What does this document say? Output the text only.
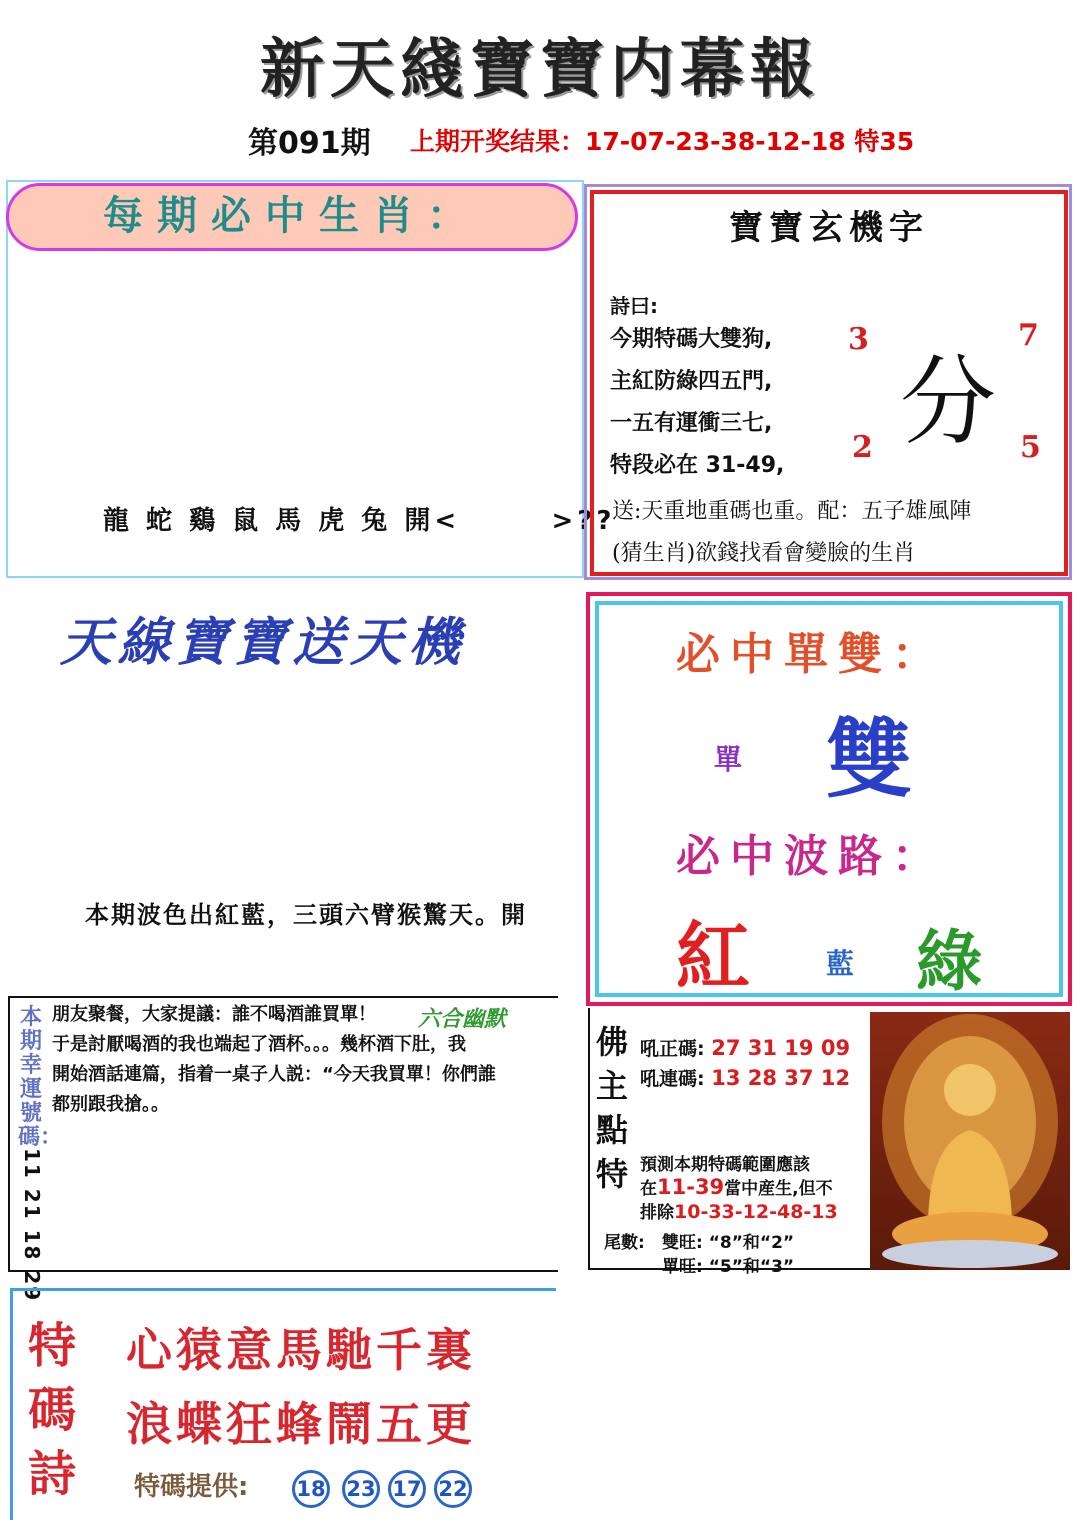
新天綫寶寶内幕報
第091期 上期开奖结果：17-07-23-38-12-18 特35
每期必中生肖：
龍 蛇 鷄 鼠 馬 虎 兔 開<       >??
寶寶玄機字
詩曰:
今期特碼大雙狗,
主紅防綠四五門,
一五有運衝三七,
特段必在 31-49,
3	7
2	5
分
送:天重地重碼也重。配：五子雄風陣
(猜生肖)欲錢找看會變臉的生肖
天線寶寶送天機
本期波色出紅藍，三頭六臂猴驚天。開
必中單雙：
單 雙
必中波路：
紅	藍 綠
本期幸運號碼：
11 21 18 29
朋友聚餐，大家提議：誰不喝酒誰買單！
于是討厭喝酒的我也端起了酒杯。。。幾杯酒下肚，我
開始酒話連篇，指着一桌子人説：“今天我買單！你們誰
都别跟我搶。。
六合幽默
佛
主
點
特
吼正碼: 27 31 19 09
吼連碼: 13 28 37 12
預測本期特碼範圍應該
在11-39當中産生,但不
排除10-33-12-48-13
尾數: 雙旺: “8”和“2”
單旺: “5”和“3”
特
碼
詩
心猿意馬馳千裏
浪蝶狂蜂鬧五更
特碼提供: 18 23 17 22
